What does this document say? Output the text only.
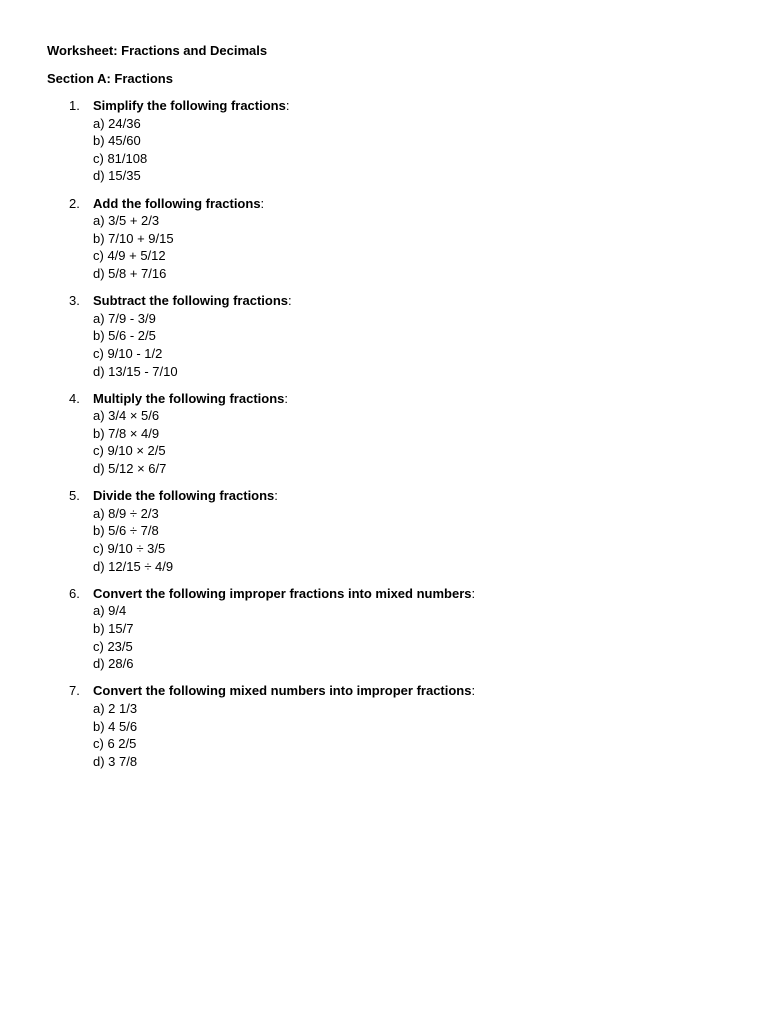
Worksheet: Fractions and Decimals
Section A: Fractions
1. Simplify the following fractions:
a) 24/36
b) 45/60
c) 81/108
d) 15/35
2. Add the following fractions:
a) 3/5 + 2/3
b) 7/10 + 9/15
c) 4/9 + 5/12
d) 5/8 + 7/16
3. Subtract the following fractions:
a) 7/9 - 3/9
b) 5/6 - 2/5
c) 9/10 - 1/2
d) 13/15 - 7/10
4. Multiply the following fractions:
a) 3/4 × 5/6
b) 7/8 × 4/9
c) 9/10 × 2/5
d) 5/12 × 6/7
5. Divide the following fractions:
a) 8/9 ÷ 2/3
b) 5/6 ÷ 7/8
c) 9/10 ÷ 3/5
d) 12/15 ÷ 4/9
6. Convert the following improper fractions into mixed numbers:
a) 9/4
b) 15/7
c) 23/5
d) 28/6
7. Convert the following mixed numbers into improper fractions:
a) 2 1/3
b) 4 5/6
c) 6 2/5
d) 3 7/8
